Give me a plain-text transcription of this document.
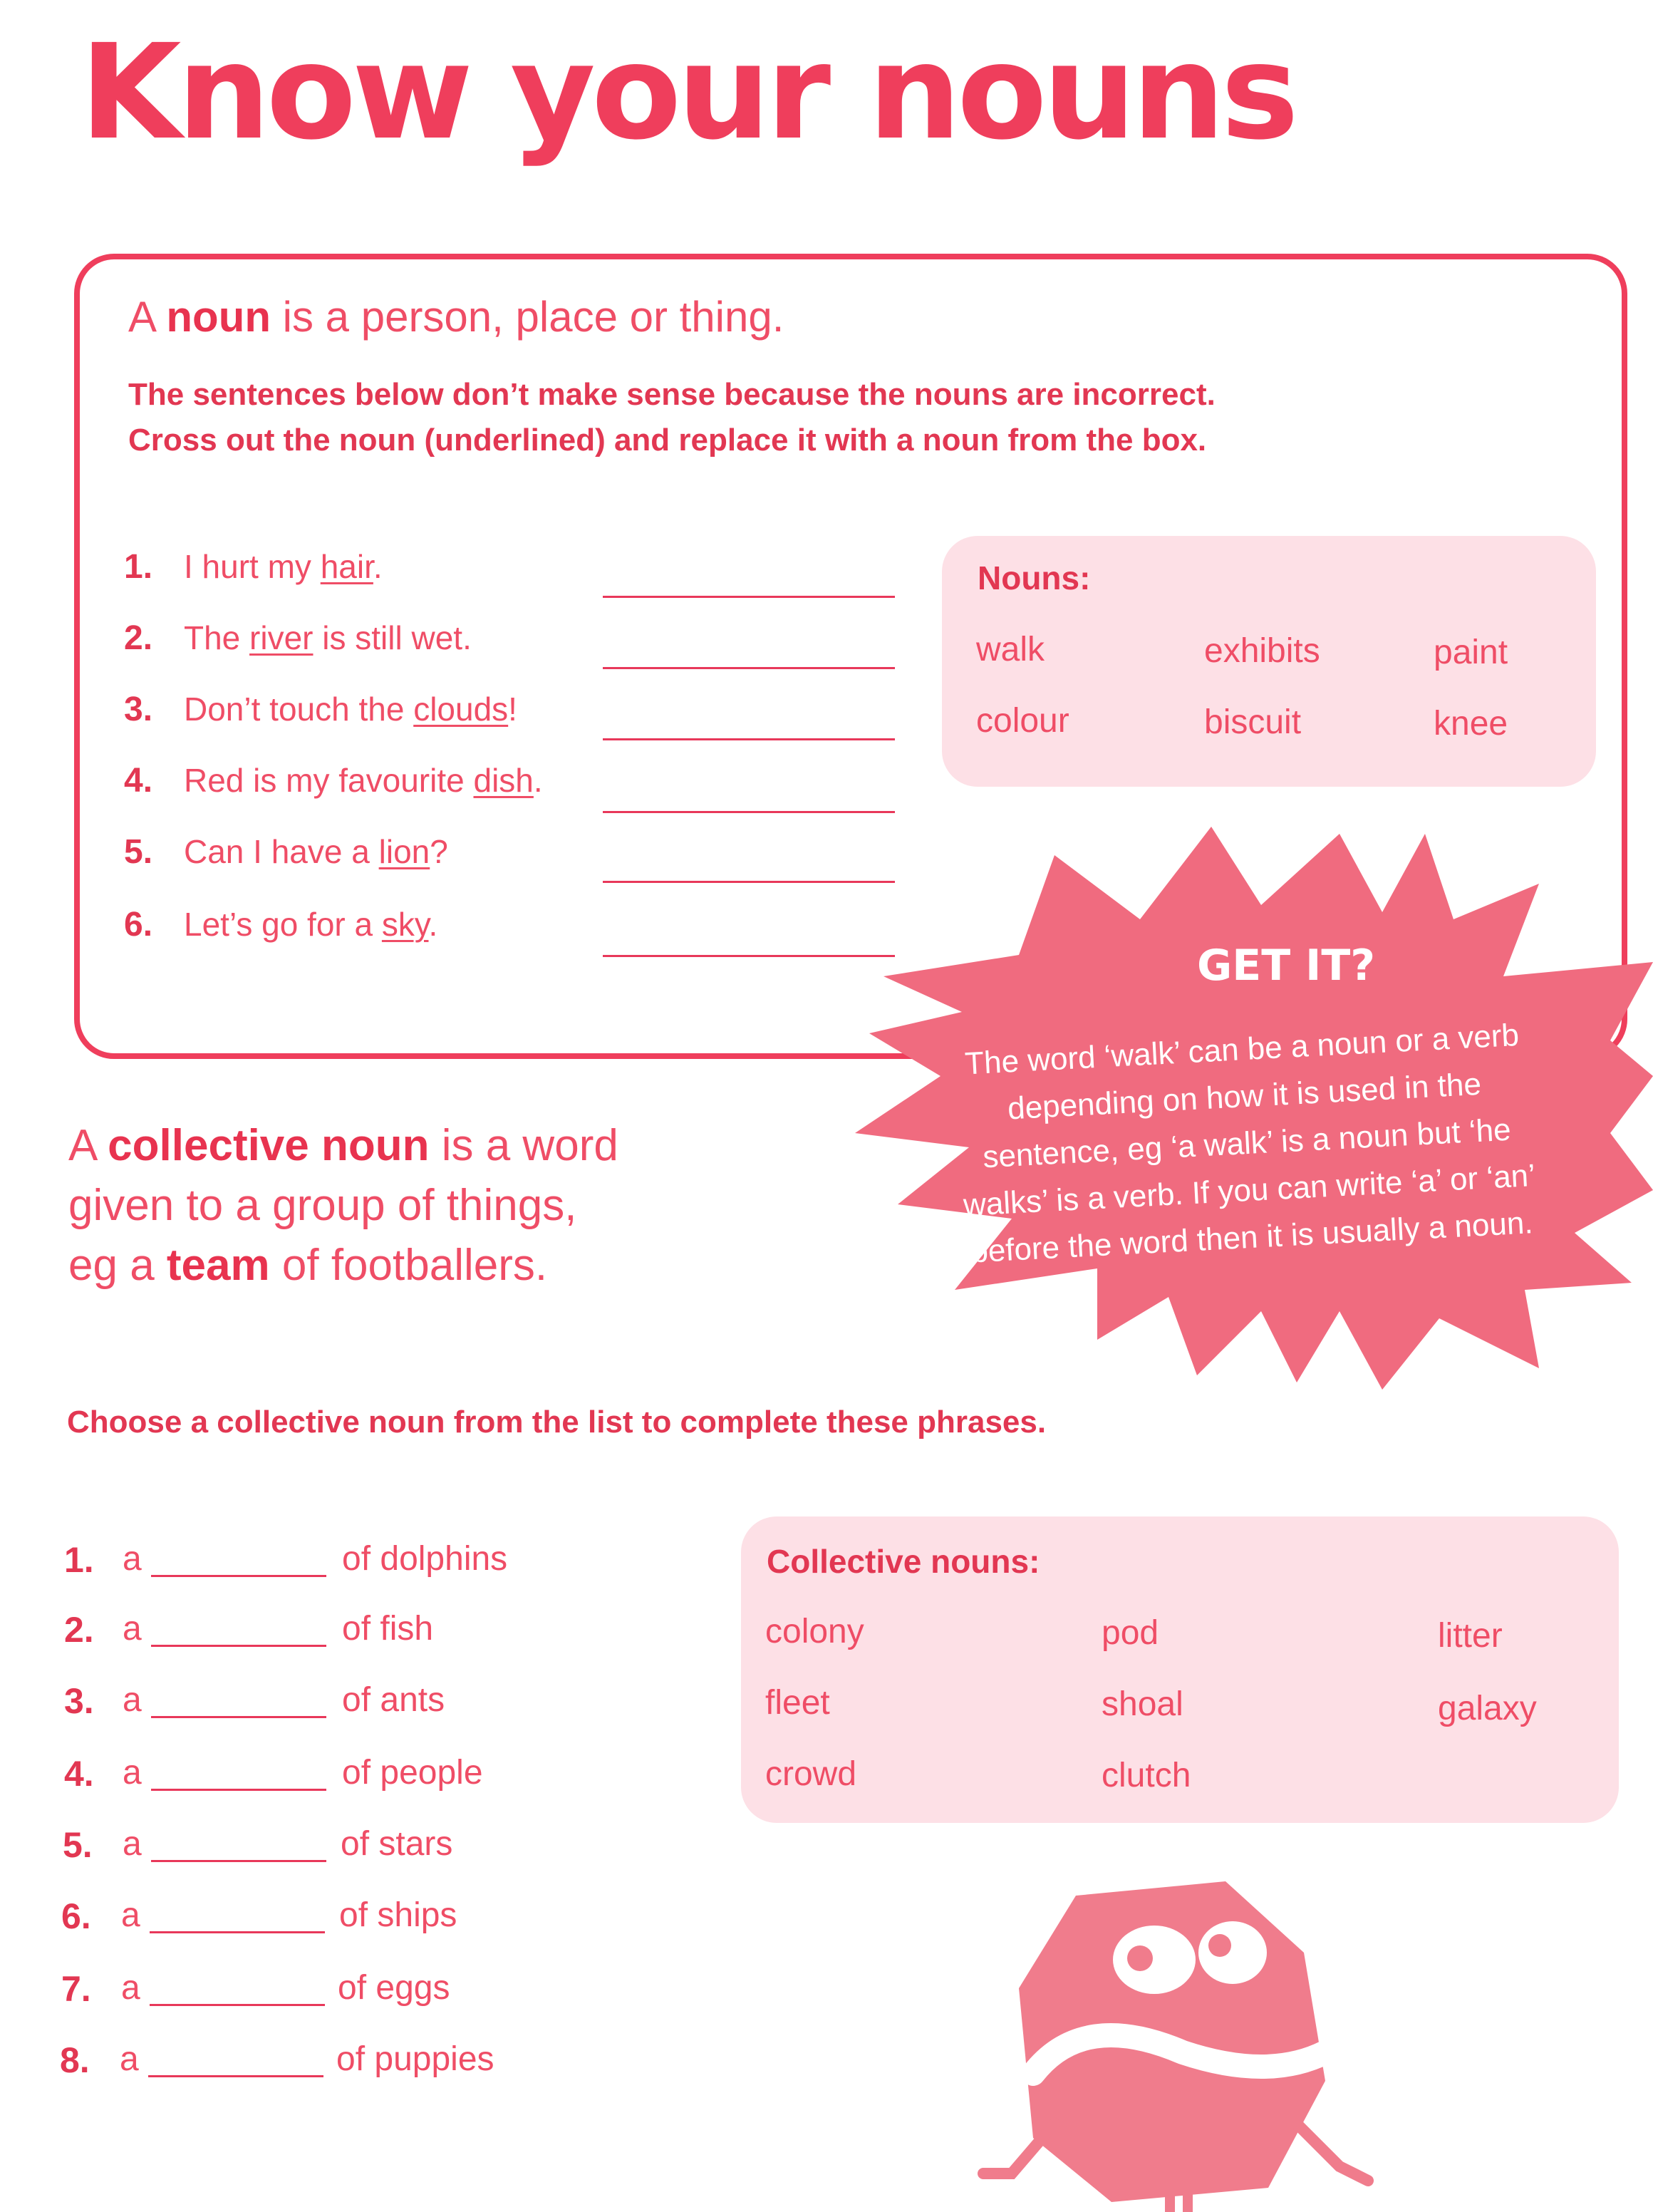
Know your nouns
A noun is a person, place or thing.
The sentences below don’t make sense because the nouns are incorrect.
Cross out the noun (underlined) and replace it with a noun from the box.
1. I hurt my hair.
2. The river is still wet.
3. Don’t touch the clouds!
4. Red is my favourite dish.
5. Can I have a lion?
6. Let’s go for a sky.
Nouns:
walk	exhibits	paint
colour	biscuit	knee
GET IT?
The word ‘walk’ can be a noun or a verb
depending on how it is used in the
sentence, eg ‘a walk’ is a noun but ‘he
walks’ is a verb. If you can write ‘a’ or ‘an’
before the word then it is usually a noun.
A collective noun is a word
given to a group of things,
eg a team of footballers.
Choose a collective noun from the list to complete these phrases.
1. a	of dolphins
2. a	of fish
3. a	of ants
4. a	of people
5. a	of stars
6. a	of ships
7. a	of eggs
8. a	of puppies
Collective nouns:
colony	pod	litter
fleet	shoal	galaxy
crowd	clutch
